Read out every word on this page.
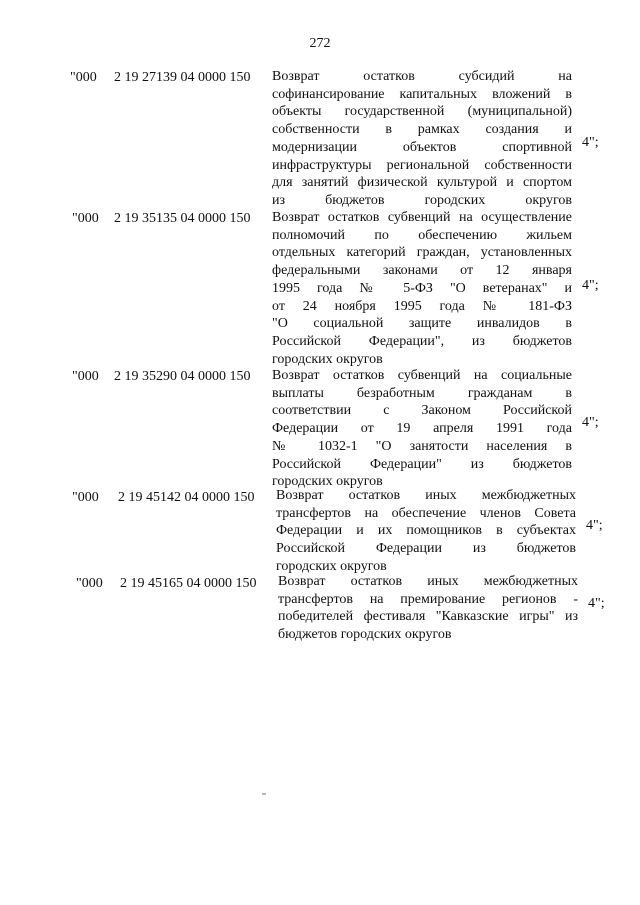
272
"000 2 19 27139 04 0000 150 Возврат остатков субсидий на
софинансирование капитальных вложений в
объекты государственной (муниципальной)
собственности в рамках создания и
модернизации объектов спортивной
инфраструктуры региональной собственности
для занятий физической культурой и спортом
из бюджетов городских округов
4";
"000 2 19 35135 04 0000 150 Возврат остатков субвенций на осуществление
полномочий по обеспечению жильем
отдельных категорий граждан, установленных
федеральными законами от 12 января
1995 года № 5-ФЗ "О ветеранах" и
от 24 ноября 1995 года № 181-ФЗ
"О социальной защите инвалидов в
Российской Федерации", из бюджетов
городских округов
4";
"000 2 19 35290 04 0000 150 Возврат остатков субвенций на социальные
выплаты безработным гражданам в
соответствии с Законом Российской
Федерации от 19 апреля 1991 года
№ 1032-1 "О занятости населения в
Российской Федерации" из бюджетов
городских округов
4";
"000 2 19 45142 04 0000 150 Возврат остатков иных межбюджетных
трансфертов на обеспечение членов Совета
Федерации и их помощников в субъектах
Российской Федерации из бюджетов
городских округов
4";
"000 2 19 45165 04 0000 150 Возврат остатков иных межбюджетных
трансфертов на премирование регионов -
победителей фестиваля "Кавказские игры" из
бюджетов городских округов
4";
